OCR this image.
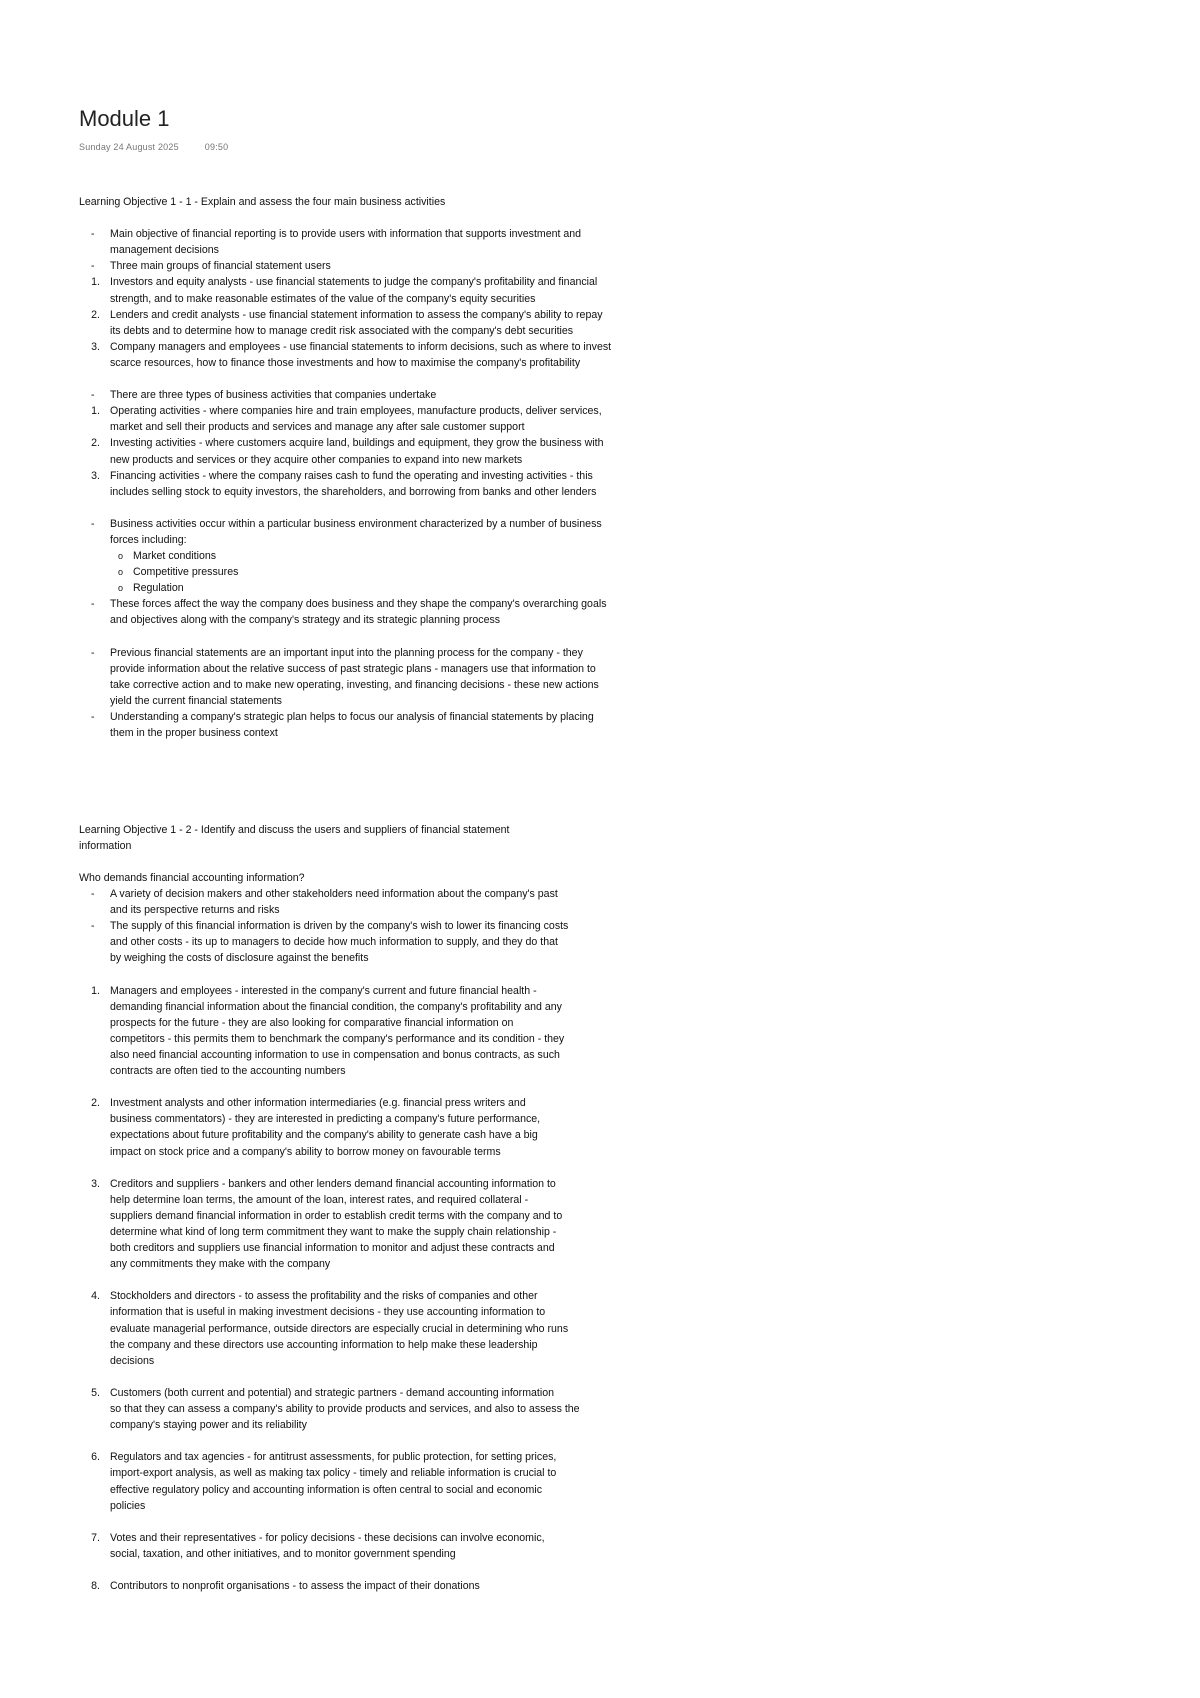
Module 1
Sunday 24 August 2025	09:50
Learning Objective 1 - 1 - Explain and assess the four main business activities
-	Main objective of financial reporting is to provide users with information that supports investment and
management decisions
-	Three main groups of financial statement users
1. Investors and equity analysts - use financial statements to judge the company's profitability and financial
strength, and to make reasonable estimates of the value of the company's equity securities
2. Lenders and credit analysts - use financial statement information to assess the company's ability to repay
its debts and to determine how to manage credit risk associated with the company's debt securities
3. Company managers and employees - use financial statements to inform decisions, such as where to invest
scarce resources, how to finance those investments and how to maximise the company's profitability
-	There are three types of business activities that companies undertake
1. Operating activities - where companies hire and train employees, manufacture products, deliver services,
market and sell their products and services and manage any after sale customer support
2. Investing activities - where customers acquire land, buildings and equipment, they grow the business with
new products and services or they acquire other companies to expand into new markets
3. Financing activities - where the company raises cash to fund the operating and investing activities - this
includes selling stock to equity investors, the shareholders, and borrowing from banks and other lenders
-	Business activities occur within a particular business environment characterized by a number of business
forces including:
o Market conditions
o Competitive pressures
o Regulation
-	These forces affect the way the company does business and they shape the company's overarching goals
and objectives along with the company's strategy and its strategic planning process
-	Previous financial statements are an important input into the planning process for the company - they
provide information about the relative success of past strategic plans - managers use that information to
take corrective action and to make new operating, investing, and financing decisions - these new actions
yield the current financial statements
-	Understanding a company's strategic plan helps to focus our analysis of financial statements by placing
them in the proper business context
Learning Objective 1 - 2 - Identify and discuss the users and suppliers of financial statement
information
Who demands financial accounting information?
-	A variety of decision makers and other stakeholders need information about the company's past
and its perspective returns and risks
-	The supply of this financial information is driven by the company's wish to lower its financing costs
and other costs - its up to managers to decide how much information to supply, and they do that
by weighing the costs of disclosure against the benefits
1. Managers and employees - interested in the company's current and future financial health -
demanding financial information about the financial condition, the company's profitability and any
prospects for the future - they are also looking for comparative financial information on
competitors - this permits them to benchmark the company's performance and its condition - they
also need financial accounting information to use in compensation and bonus contracts, as such
contracts are often tied to the accounting numbers
2. Investment analysts and other information intermediaries (e.g. financial press writers and
business commentators) - they are interested in predicting a company's future performance,
expectations about future profitability and the company's ability to generate cash have a big
impact on stock price and a company's ability to borrow money on favourable terms
3. Creditors and suppliers - bankers and other lenders demand financial accounting information to
help determine loan terms, the amount of the loan, interest rates, and required collateral -
suppliers demand financial information in order to establish credit terms with the company and to
determine what kind of long term commitment they want to make the supply chain relationship -
both creditors and suppliers use financial information to monitor and adjust these contracts and
any commitments they make with the company
4. Stockholders and directors - to assess the profitability and the risks of companies and other
information that is useful in making investment decisions - they use accounting information to
evaluate managerial performance, outside directors are especially crucial in determining who runs
the company and these directors use accounting information to help make these leadership
decisions
5. Customers (both current and potential) and strategic partners - demand accounting information
so that they can assess a company's ability to provide products and services, and also to assess the
company's staying power and its reliability
6. Regulators and tax agencies - for antitrust assessments, for public protection, for setting prices,
import-export analysis, as well as making tax policy - timely and reliable information is crucial to
effective regulatory policy and accounting information is often central to social and economic
policies
7. Votes and their representatives - for policy decisions - these decisions can involve economic,
social, taxation, and other initiatives, and to monitor government spending
8. Contributors to nonprofit organisations - to assess the impact of their donations
